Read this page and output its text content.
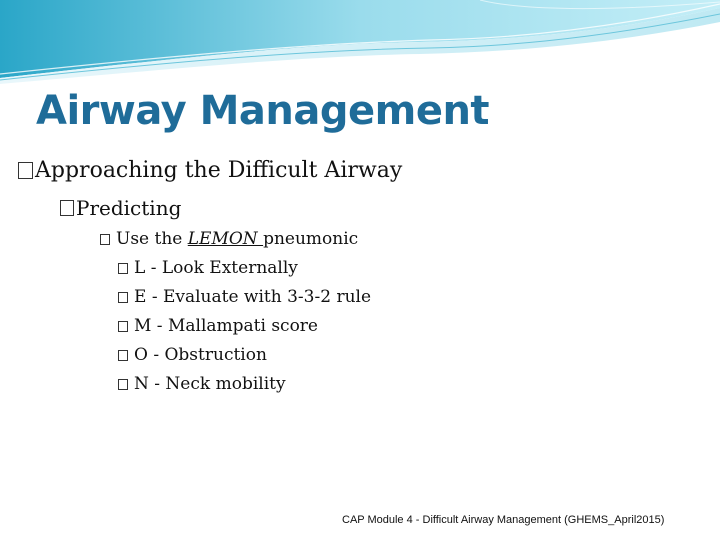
Airway Management
Approaching the Difficult Airway
Predicting
Use the LEMON pneumonic
L - Look Externally
E - Evaluate with 3-3-2 rule
M - Mallampati score
O - Obstruction
N - Neck mobility
CAP Module 4 - Difficult Airway Management (GHEMS_April2015)
